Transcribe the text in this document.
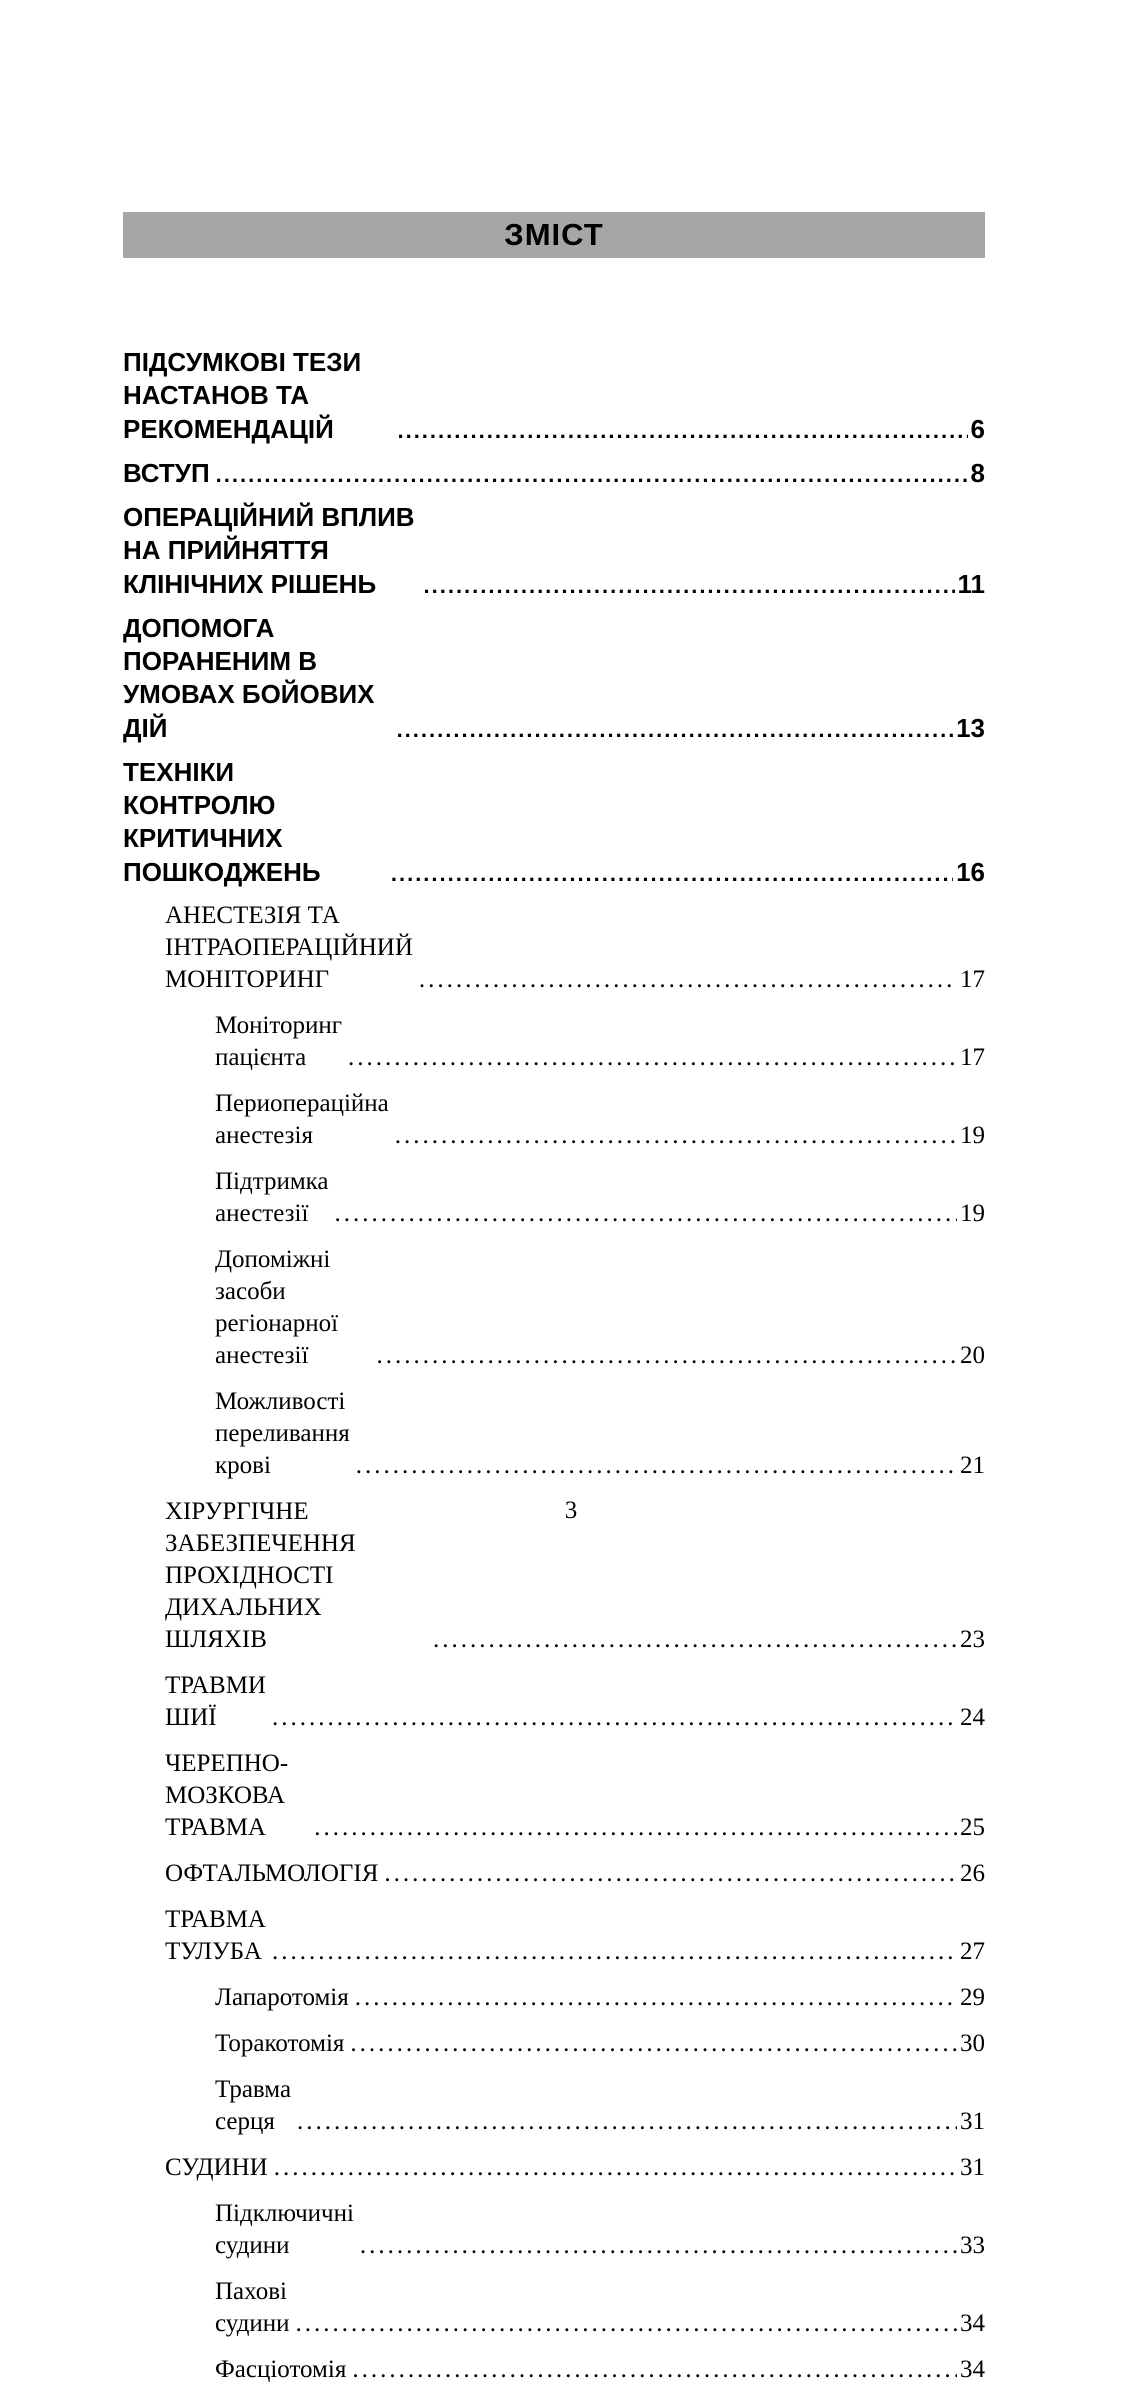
ЗМІСТ
ПІДСУМКОВІ ТЕЗИ НАСТАНОВ ТА РЕКОМЕНДАЦІЙ .....	6
ВСТУП .....	8
ОПЕРАЦІЙНИЙ ВПЛИВ НА ПРИЙНЯТТЯ КЛІНІЧНИХ РІШЕНЬ .....	11
ДОПОМОГА ПОРАНЕНИМ В УМОВАХ БОЙОВИХ ДІЙ .....	13
ТЕХНІКИ КОНТРОЛЮ КРИТИЧНИХ ПОШКОДЖЕНЬ .....	16
АНЕСТЕЗІЯ ТА ІНТРАОПЕРАЦІЙНИЙ МОНІТОРИНГ .....	17
Моніторинг пацієнта .....	17
Периопераційна анестезія .....	19
Підтримка анестезії .....	19
Допоміжні засоби регіонарної анестезії .....	20
Можливості переливання крові .....	21
ХІРУРГІЧНЕ ЗАБЕЗПЕЧЕННЯ ПРОХІДНОСТІ ДИХАЛЬНИХ ШЛЯХІВ .....	23
ТРАВМИ ШИЇ .....	24
ЧЕРЕПНО-МОЗКОВА ТРАВМА .....	25
ОФТАЛЬМОЛОГІЯ .....	26
ТРАВМА ТУЛУБА .....	27
Лапаротомія .....	29
Торакотомія .....	30
Травма серця .....	31
СУДИНИ .....	31
Підключичні судини .....	33
Пахові судини .....	34
Фасціотомія .....	34
3
